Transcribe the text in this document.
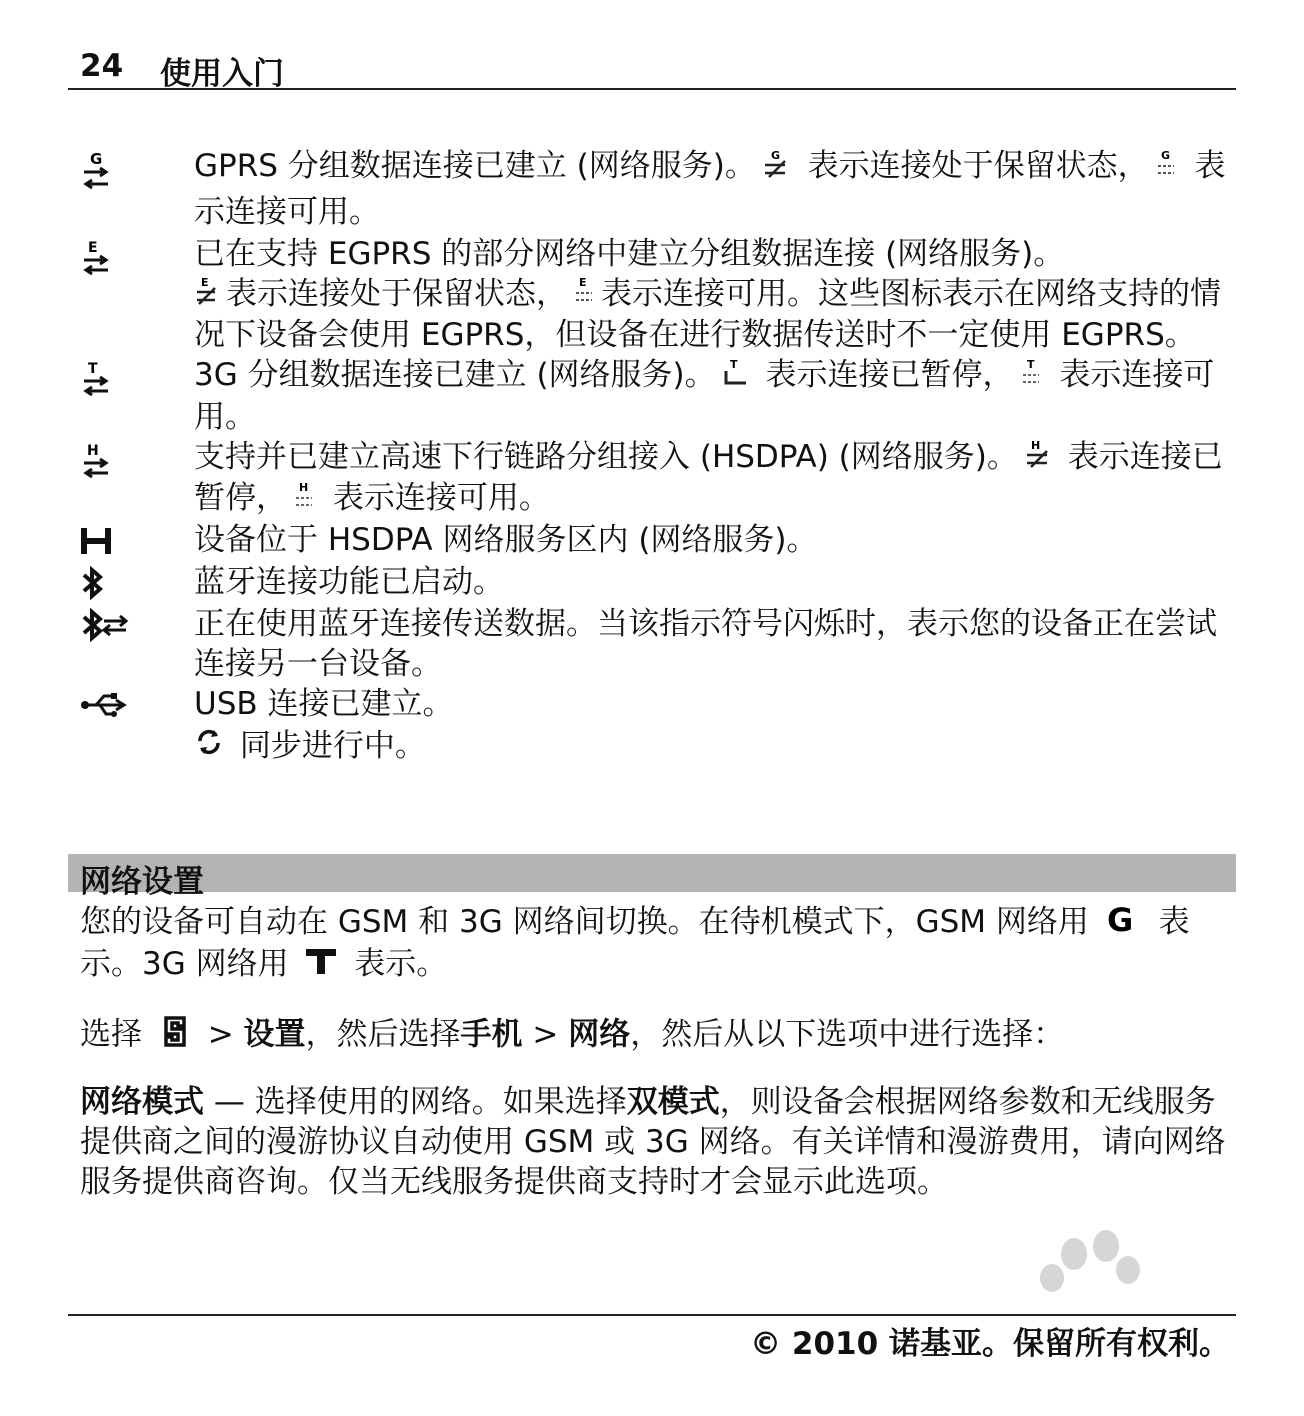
24 使用入门
G	GPRS 分组数据连接已建立 (网络服务)。 G 表示连接处于保留状态， G 表示连接可用。
E	已在支持 EGPRS 的部分网络中建立分组数据连接 (网络服务)。

E 表示连接处于保留状态， E 表示连接可用。这些图标表示在网络支持的情况下设备会使用 EGPRS，但设备在进行数据传送时不一定使用 EGPRS。
T	3G 分组数据连接已建立 (网络服务)。 T 表示连接已暂停， T 表示连接可用。
H	支持并已建立高速下行链路分组接入 (HSDPA) (网络服务)。 H 表示连接已暂停， H 表示连接可用。
设备位于 HSDPA 网络服务区内 (网络服务)。
蓝牙连接功能已启动。
正在使用蓝牙连接传送数据。当该指示符号闪烁时，表示您的设备正在尝试连接另一台设备。
USB 连接已建立。
同步进行中。
网络设置
您的设备可自动在 GSM 和 3G 网络间切换。在待机模式下，GSM 网络用 G 表示。3G 网络用  表示。
选择  > 设置，然后选择手机 > 网络，然后从以下选项中进行选择：
网络模式 — 选择使用的网络。如果选择双模式，则设备会根据网络参数和无线服务提供商之间的漫游协议自动使用 GSM 或 3G 网络。有关详情和漫游费用，请向网络服务提供商咨询。仅当无线服务提供商支持时才会显示此选项。
© 2010 诺基亚。保留所有权利。
